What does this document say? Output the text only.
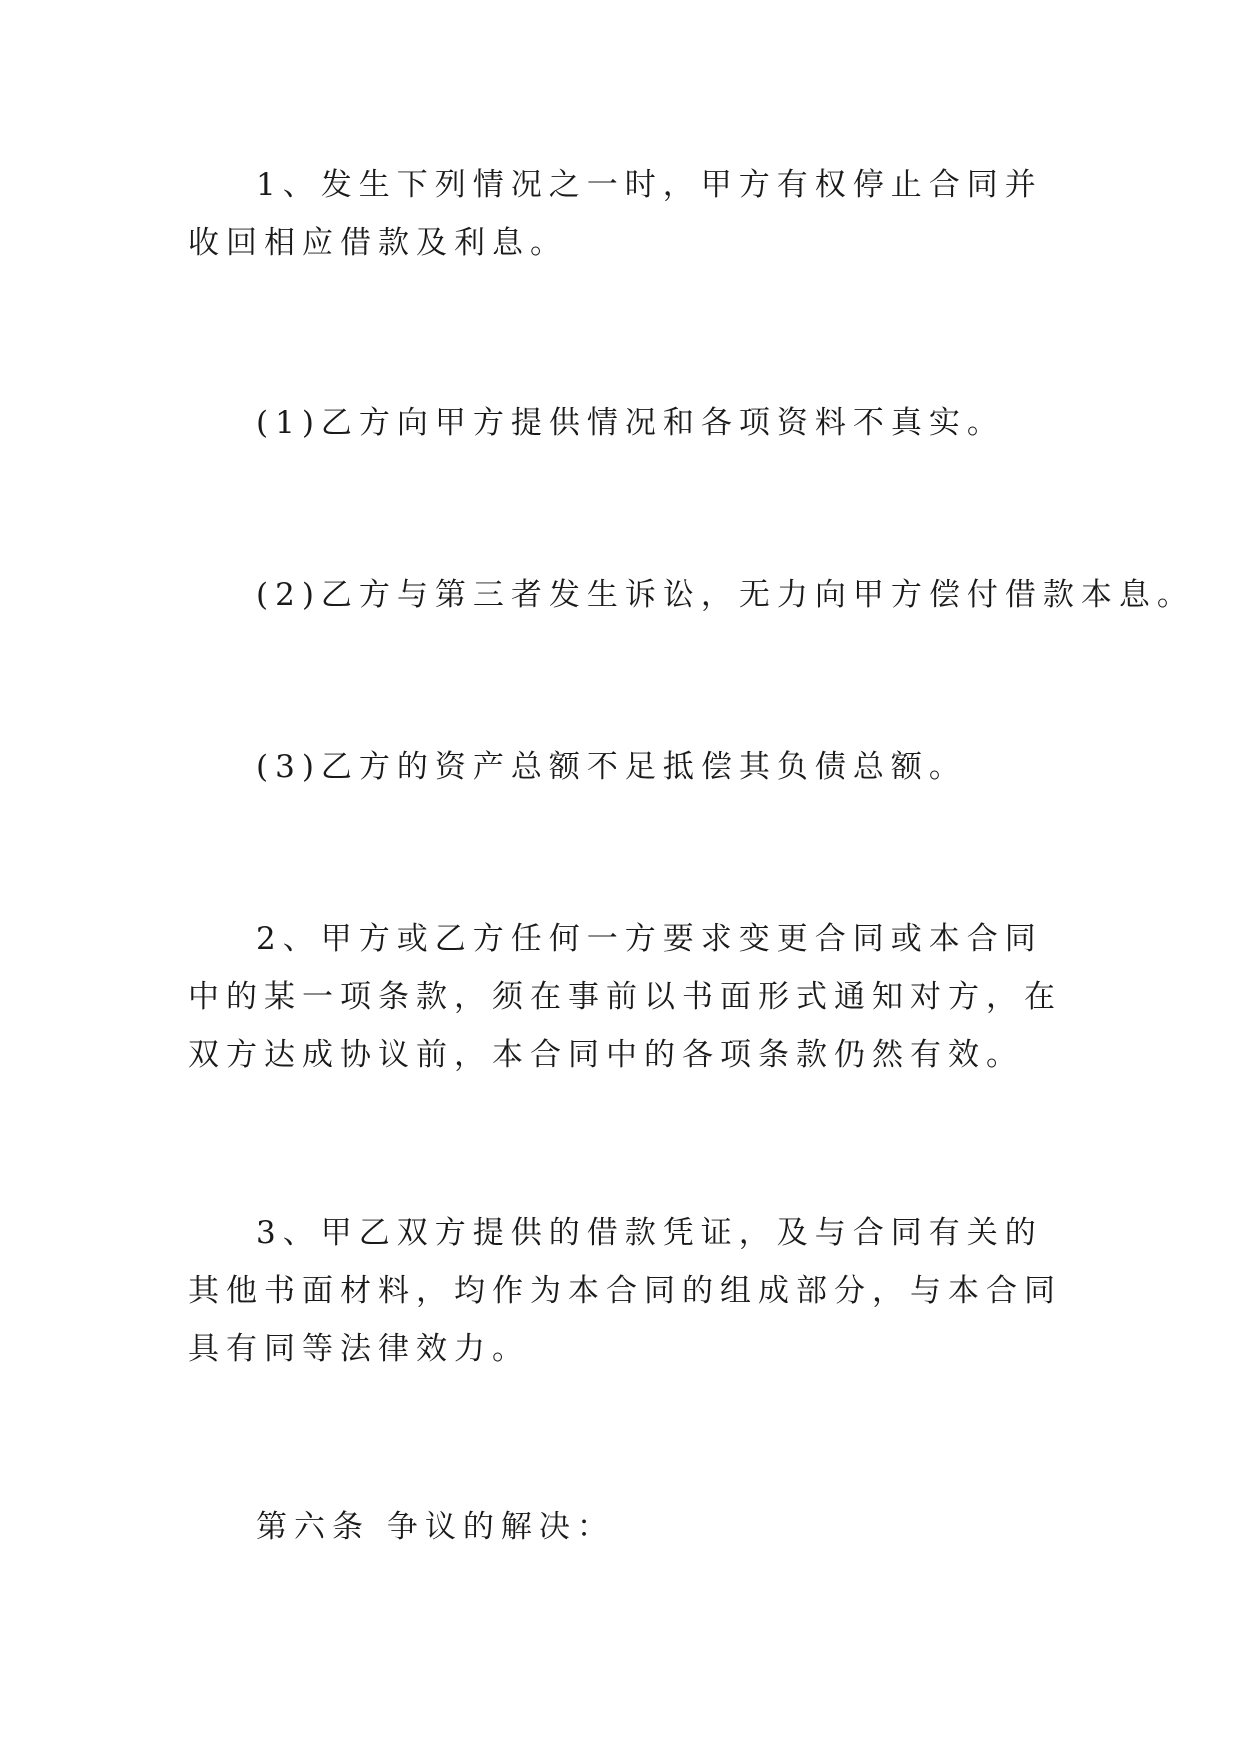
1、发生下列情况之一时，甲方有权停止合同并收回相应借款及利息。

(1)乙方向甲方提供情况和各项资料不真实。

(2)乙方与第三者发生诉讼，无力向甲方偿付借款本息。

(3)乙方的资产总额不足抵偿其负债总额。

2、甲方或乙方任何一方要求变更合同或本合同中的某一项条款，须在事前以书面形式通知对方，在双方达成协议前，本合同中的各项条款仍然有效。

3、甲乙双方提供的借款凭证，及与合同有关的其他书面材料，均作为本合同的组成部分，与本合同具有同等法律效力。

第六条 争议的解决：
